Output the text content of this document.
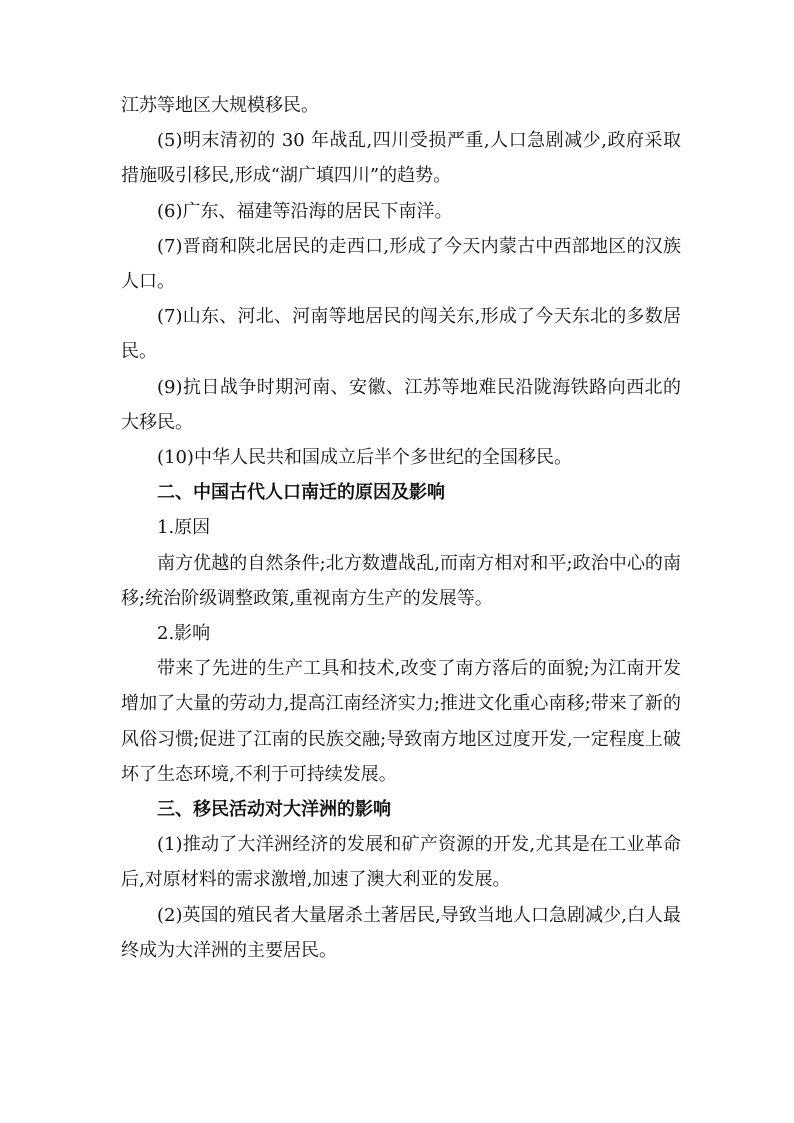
江苏等地区大规模移民。

(5)明末清初的 30 年战乱,四川受损严重,人口急剧减少,政府采取措施吸引移民,形成“湖广填四川”的趋势。

(6)广东、福建等沿海的居民下南洋。

(7)晋商和陕北居民的走西口,形成了今天内蒙古中西部地区的汉族人口。

(7)山东、河北、河南等地居民的闯关东,形成了今天东北的多数居民。

(9)抗日战争时期河南、安徽、江苏等地难民沿陇海铁路向西北的大移民。

(10)中华人民共和国成立后半个多世纪的全国移民。

二、中国古代人口南迁的原因及影响

1.原因

南方优越的自然条件;北方数遭战乱,而南方相对和平;政治中心的南移;统治阶级调整政策,重视南方生产的发展等。

2.影响

带来了先进的生产工具和技术,改变了南方落后的面貌;为江南开发增加了大量的劳动力,提高江南经济实力;推进文化重心南移;带来了新的风俗习惯;促进了江南的民族交融;导致南方地区过度开发,一定程度上破坏了生态环境,不利于可持续发展。

三、移民活动对大洋洲的影响

(1)推动了大洋洲经济的发展和矿产资源的开发,尤其是在工业革命后,对原材料的需求激增,加速了澳大利亚的发展。

(2)英国的殖民者大量屠杀土著居民,导致当地人口急剧减少,白人最终成为大洋洲的主要居民。
